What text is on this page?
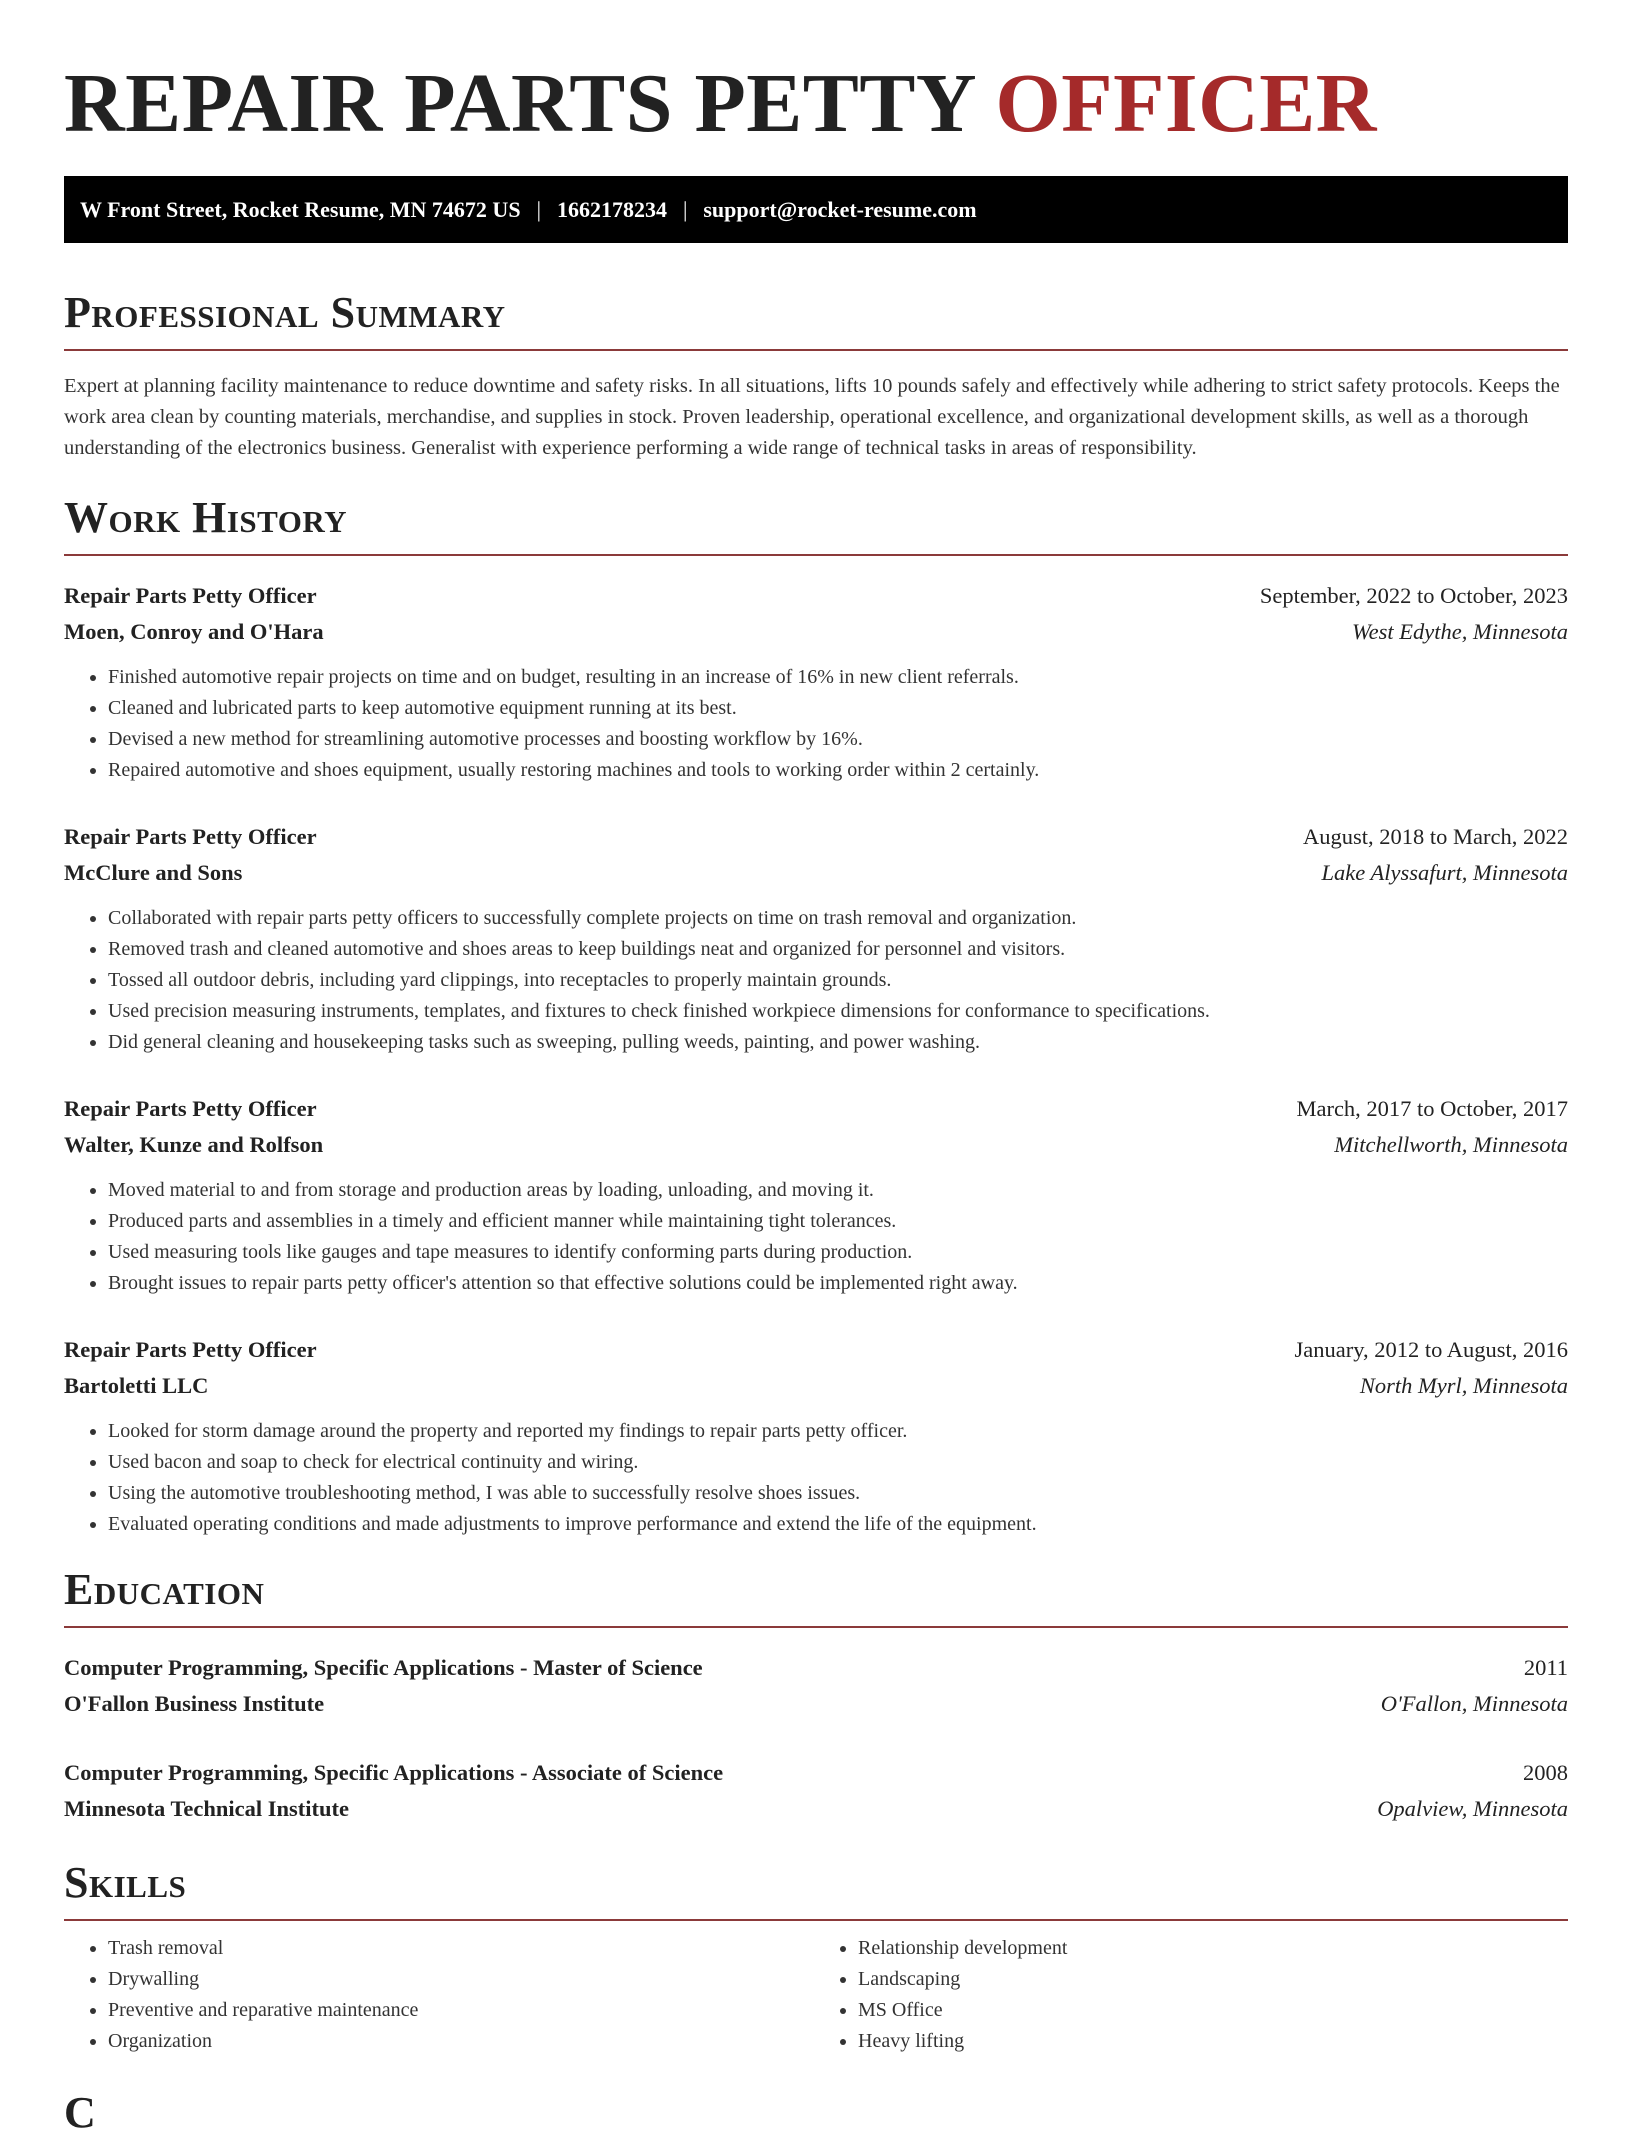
REPAIR PARTS PETTY OFFICER
W Front Street, Rocket Resume, MN 74672 US | 1662178234 | support@rocket-resume.com
Professional Summary

Expert at planning facility maintenance to reduce downtime and safety risks. In all situations, lifts 10 pounds safely and effectively while adhering to strict safety protocols. Keeps the work area clean by counting materials, merchandise, and supplies in stock. Proven leadership, operational excellence, and organizational development skills, as well as a thorough understanding of the electronics business. Generalist with experience performing a wide range of technical tasks in areas of responsibility.

Work History
Repair Parts Petty Officer	September, 2022 to October, 2023
Moen, Conroy and O'Hara	West Edythe, Minnesota
• Finished automotive repair projects on time and on budget, resulting in an increase of 16% in new client referrals.
• Cleaned and lubricated parts to keep automotive equipment running at its best.
• Devised a new method for streamlining automotive processes and boosting workflow by 16%.
• Repaired automotive and shoes equipment, usually restoring machines and tools to working order within 2 certainly.
Repair Parts Petty Officer	August, 2018 to March, 2022
McClure and Sons	Lake Alyssafurt, Minnesota
• Collaborated with repair parts petty officers to successfully complete projects on time on trash removal and organization.
• Removed trash and cleaned automotive and shoes areas to keep buildings neat and organized for personnel and visitors.
• Tossed all outdoor debris, including yard clippings, into receptacles to properly maintain grounds.
• Used precision measuring instruments, templates, and fixtures to check finished workpiece dimensions for conformance to specifications.
• Did general cleaning and housekeeping tasks such as sweeping, pulling weeds, painting, and power washing.
Repair Parts Petty Officer	March, 2017 to October, 2017
Walter, Kunze and Rolfson	Mitchellworth, Minnesota
• Moved material to and from storage and production areas by loading, unloading, and moving it.
• Produced parts and assemblies in a timely and efficient manner while maintaining tight tolerances.
• Used measuring tools like gauges and tape measures to identify conforming parts during production.
• Brought issues to repair parts petty officer's attention so that effective solutions could be implemented right away.
Repair Parts Petty Officer	January, 2012 to August, 2016
Bartoletti LLC	North Myrl, Minnesota
• Looked for storm damage around the property and reported my findings to repair parts petty officer.
• Used bacon and soap to check for electrical continuity and wiring.
• Using the automotive troubleshooting method, I was able to successfully resolve shoes issues.
• Evaluated operating conditions and made adjustments to improve performance and extend the life of the equipment.
Education
Computer Programming, Specific Applications - Master of Science	2011
O'Fallon Business Institute	O'Fallon, Minnesota
Computer Programming, Specific Applications - Associate of Science	2008
Minnesota Technical Institute	Opalview, Minnesota
Skills
• Trash removal
• Drywalling
• Preventive and reparative maintenance
• Organization
• Relationship development
• Landscaping
• MS Office
• Heavy lifting
C
